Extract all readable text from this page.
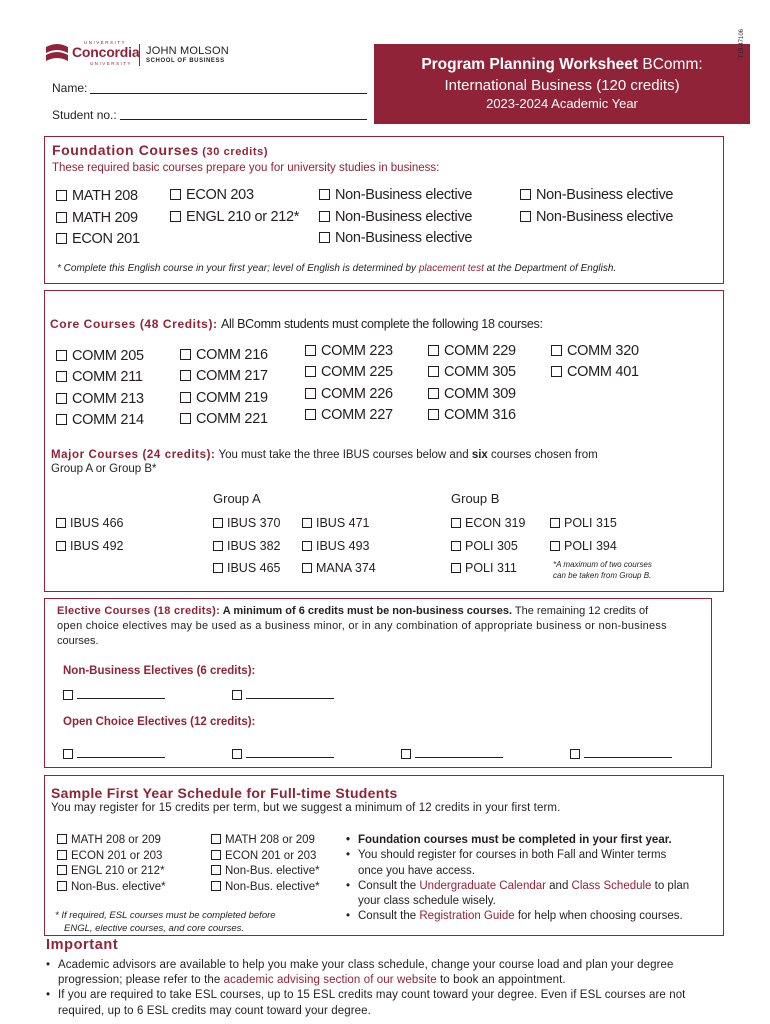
UNIVERSITY
Concordia
UNIVERSITY
JOHN MOLSON
SCHOOL OF BUSINESS
Name:
Student no.:
Program Planning Worksheet BComm:
International Business (120 credits)
2023-2024 Academic Year
T19-47106
Foundation Courses (30 credits)
These required basic courses prepare you for university studies in business:
MATH 208
MATH 209
ECON 201
ECON 203
ENGL 210 or 212*
Non-Business elective
Non-Business elective
Non-Business elective
Non-Business elective
Non-Business elective
* Complete this English course in your first year; level of English is determined by placement test at the Department of English.
Core Courses (48 Credits): All BComm students must complete the following 18 courses:
COMM 205
COMM 211
COMM 213
COMM 214
COMM 216
COMM 217
COMM 219
COMM 221
COMM 223
COMM 225
COMM 226
COMM 227
COMM 229
COMM 305
COMM 309
COMM 316
COMM 320
COMM 401
Major Courses (24 credits): You must take the three IBUS courses below and six courses chosen from
Group A or Group B*
IBUS 466
IBUS 492
Group A
IBUS 370
IBUS 382
IBUS 465
IBUS 471
IBUS 493
MANA 374
Group B
ECON 319
POLI 305
POLI 311
POLI 315
POLI 394
*A maximum of two courses
can be taken from Group B.
Elective Courses (18 credits): A minimum of 6 credits must be non-business courses. The remaining 12 credits of
open choice electives may be used as a business minor, or in any combination of appropriate business or non-business
courses.
Non-Business Electives (6 credits):
Open Choice Electives (12 credits):
Sample First Year Schedule for Full-time Students
You may register for 15 credits per term, but we suggest a minimum of 12 credits in your first term.
MATH 208 or 209
ECON 201 or 203
ENGL 210 or 212*
Non-Bus. elective*
MATH 208 or 209
ECON 201 or 203
Non-Bus. elective*
Non-Bus. elective*
* If required, ESL courses must be completed before
ENGL, elective courses, and core courses.
• Foundation courses must be completed in your first year.
• You should register for courses in both Fall and Winter terms
once you have access.
• Consult the Undergraduate Calendar and Class Schedule to plan
your class schedule wisely.
• Consult the Registration Guide for help when choosing courses.
Important
• Academic advisors are available to help you make your class schedule, change your course load and plan your degree
progression; please refer to the academic advising section of our website to book an appointment.
• If you are required to take ESL courses, up to 15 ESL credits may count toward your degree. Even if ESL courses are not
required, up to 6 ESL credits may count toward your degree.
